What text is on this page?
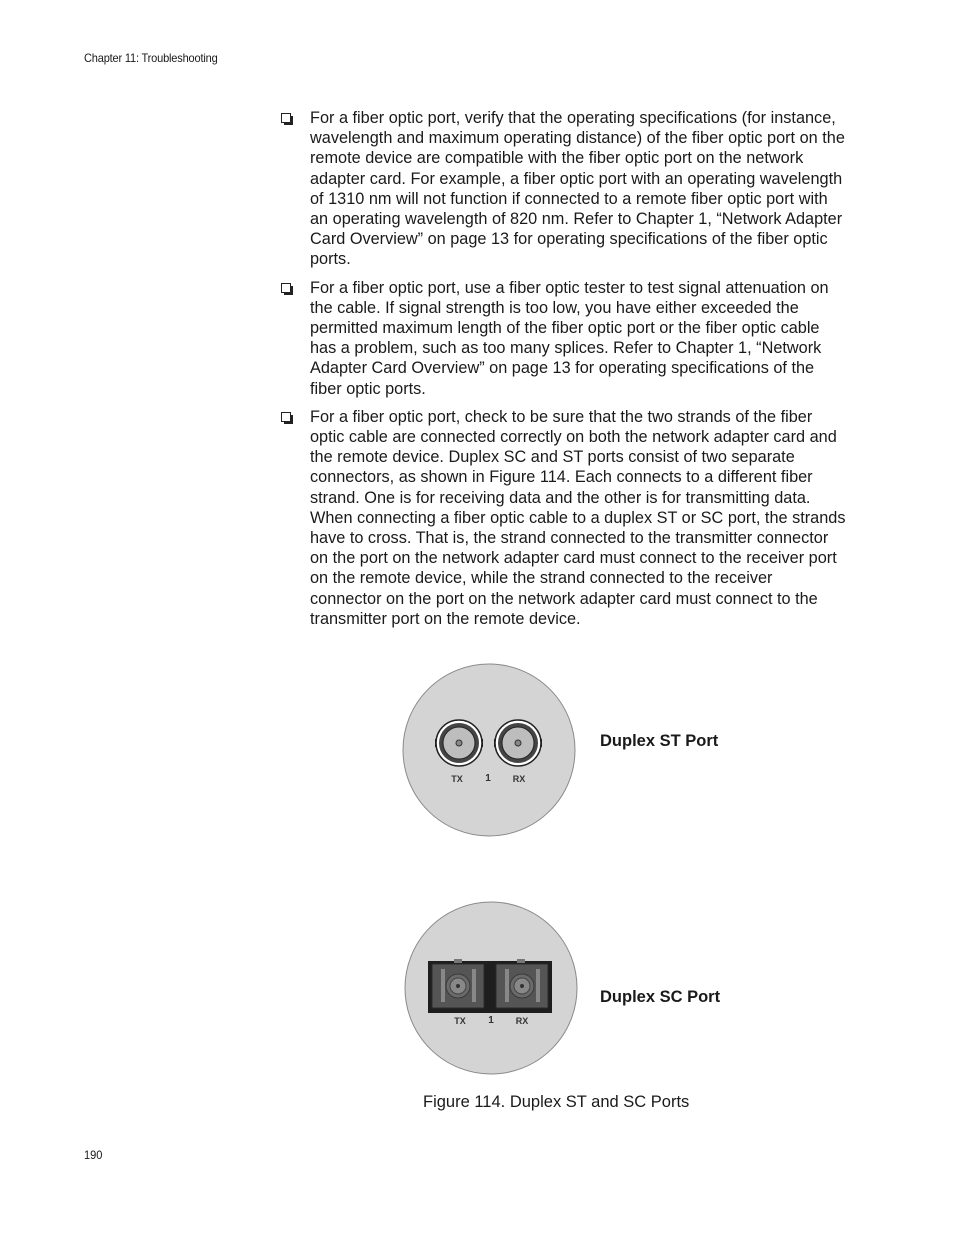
Chapter 11: Troubleshooting
For a fiber optic port, verify that the operating specifications (for instance, wavelength and maximum operating distance) of the fiber optic port on the remote device are compatible with the fiber optic port on the network adapter card. For example, a fiber optic port with an operating wavelength of 1310 nm will not function if connected to a remote fiber optic port with an operating wavelength of 820 nm. Refer to Chapter 1, “Network Adapter Card Overview” on page 13 for operating specifications of the fiber optic ports.
For a fiber optic port, use a fiber optic tester to test signal attenuation on the cable. If signal strength is too low, you have either exceeded the permitted maximum length of the fiber optic port or the fiber optic cable has a problem, such as too many splices. Refer to Chapter 1, “Network Adapter Card Overview” on page 13 for operating specifications of the fiber optic ports.
For a fiber optic port, check to be sure that the two strands of the fiber optic cable are connected correctly on both the network adapter card and the remote device. Duplex SC and ST ports consist of two separate connectors, as shown in Figure 114. Each connects to a different fiber strand. One is for receiving data and the other is for transmitting data. When connecting a fiber optic cable to a duplex ST or SC port, the strands have to cross. That is, the strand connected to the transmitter connector on the port on the network adapter card must connect to the receiver port on the remote device, while the strand connected to the receiver connector on the port on the network adapter card must connect to the transmitter port on the remote device.
TX 1 RX
Duplex ST Port
TX 1 RX
Duplex SC Port
Figure 114. Duplex ST and SC Ports
190
